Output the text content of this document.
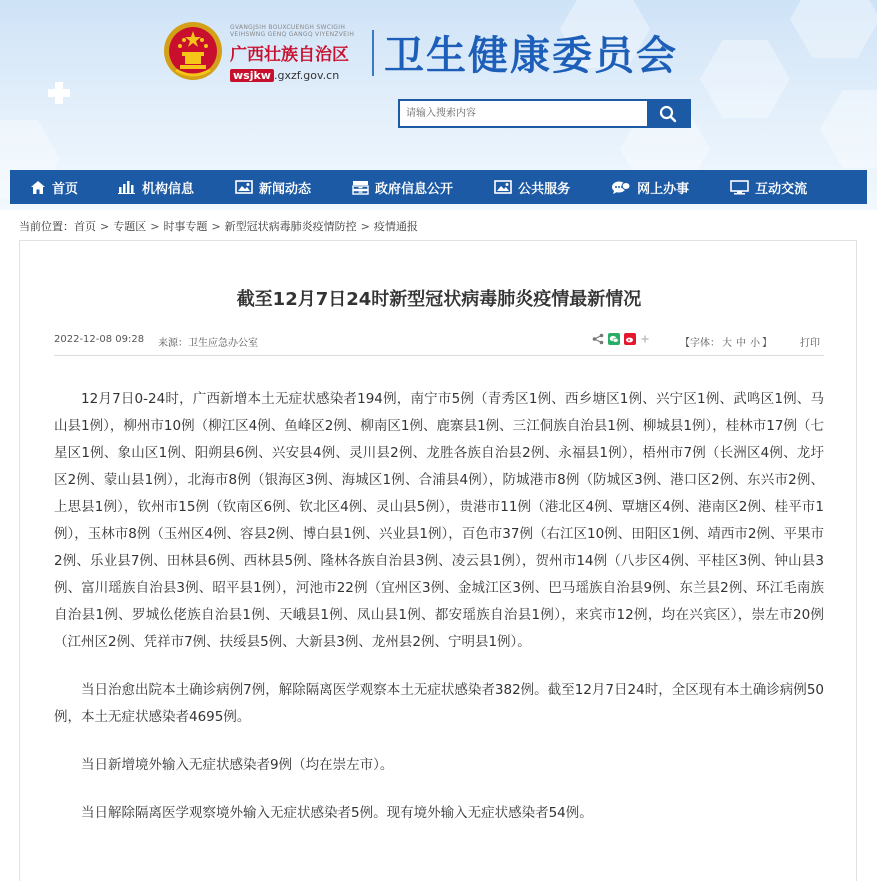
GVANGJSIH BOUXCUENGH SWCIGIH
VEIHSWNG GENQ GANGQ VIYENZVEIH
广西壮族自治区
wsjkw .gxzf.gov.cn	卫生健康委员会
请输入搜索内容
首页	机构信息	新闻动态	政府信息公开	公共服务	网上办事	互动交流
当前位置：首页 > 专题区 > 时事专题 > 新型冠状病毒肺炎疫情防控 > 疫情通报
截至12月7日24时新型冠状病毒肺炎疫情最新情况
2022-12-08 09:28 来源：卫生应急办公室	【字体： 大 中 小 】	打印

12月7日0-24时，广西新增本土无症状感染者194例，南宁市5例（青秀区1例、西乡塘区1例、兴宁区1例、武鸣区1例、马山县1例），柳州市10例（柳江区4例、鱼峰区2例、柳南区1例、鹿寨县1例、三江侗族自治县1例、柳城县1例），桂林市17例（七星区1例、象山区1例、阳朔县6例、兴安县4例、灵川县2例、龙胜各族自治县2例、永福县1例），梧州市7例（长洲区4例、龙圩区2例、蒙山县1例），北海市8例（银海区3例、海城区1例、合浦县4例），防城港市8例（防城区3例、港口区2例、东兴市2例、上思县1例），钦州市15例（钦南区6例、钦北区4例、灵山县5例），贵港市11例（港北区4例、覃塘区4例、港南区2例、桂平市1例），玉林市8例（玉州区4例、容县2例、博白县1例、兴业县1例），百色市37例（右江区10例、田阳区1例、靖西市2例、平果市2例、乐业县7例、田林县6例、西林县5例、隆林各族自治县3例、凌云县1例），贺州市14例（八步区4例、平桂区3例、钟山县3例、富川瑶族自治县3例、昭平县1例），河池市22例（宜州区3例、金城江区3例、巴马瑶族自治县9例、东兰县2例、环江毛南族自治县1例、罗城仫佬族自治县1例、天峨县1例、凤山县1例、都安瑶族自治县1例），来宾市12例，均在兴宾区），崇左市20例（江州区2例、凭祥市7例、扶绥县5例、大新县3例、龙州县2例、宁明县1例）。

当日治愈出院本土确诊病例7例，解除隔离医学观察本土无症状感染者382例。截至12月7日24时，全区现有本土确诊病例50例，本土无症状感染者4695例。

当日新增境外输入无症状感染者9例（均在崇左市）。

当日解除隔离医学观察境外输入无症状感染者5例。现有境外输入无症状感染者54例。
